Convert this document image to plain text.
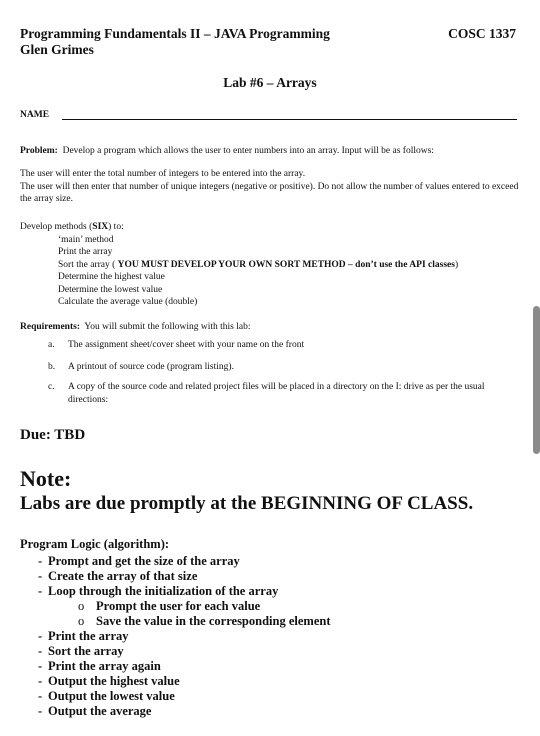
Programming Fundamentals II – JAVA Programming
Glen Grimes
COSC 1337
Lab #6 – Arrays
NAME
Problem: Develop a program which allows the user to enter numbers into an array. Input will be as follows:
The user will enter the total number of integers to be entered into the array.
The user will then enter that number of unique integers (negative or positive). Do not allow the number of values entered to exceed the array size.
Develop methods (SIX) to:
‘main’ method
Print the array
Sort the array ( YOU MUST DEVELOP YOUR OWN SORT METHOD – don’t use the API classes)
Determine the highest value
Determine the lowest value
Calculate the average value (double)
Requirements: You will submit the following with this lab:
a. The assignment sheet/cover sheet with your name on the front
b. A printout of source code (program listing).
c. A copy of the source code and related project files will be placed in a directory on the I: drive as per the usual directions:
Due: TBD
Note:
Labs are due promptly at the BEGINNING OF CLASS.
Program Logic (algorithm):
- Prompt and get the size of the array
- Create the array of that size
- Loop through the initialization of the array
o Prompt the user for each value
o Save the value in the corresponding element
- Print the array
- Sort the array
- Print the array again
- Output the highest value
- Output the lowest value
- Output the average
